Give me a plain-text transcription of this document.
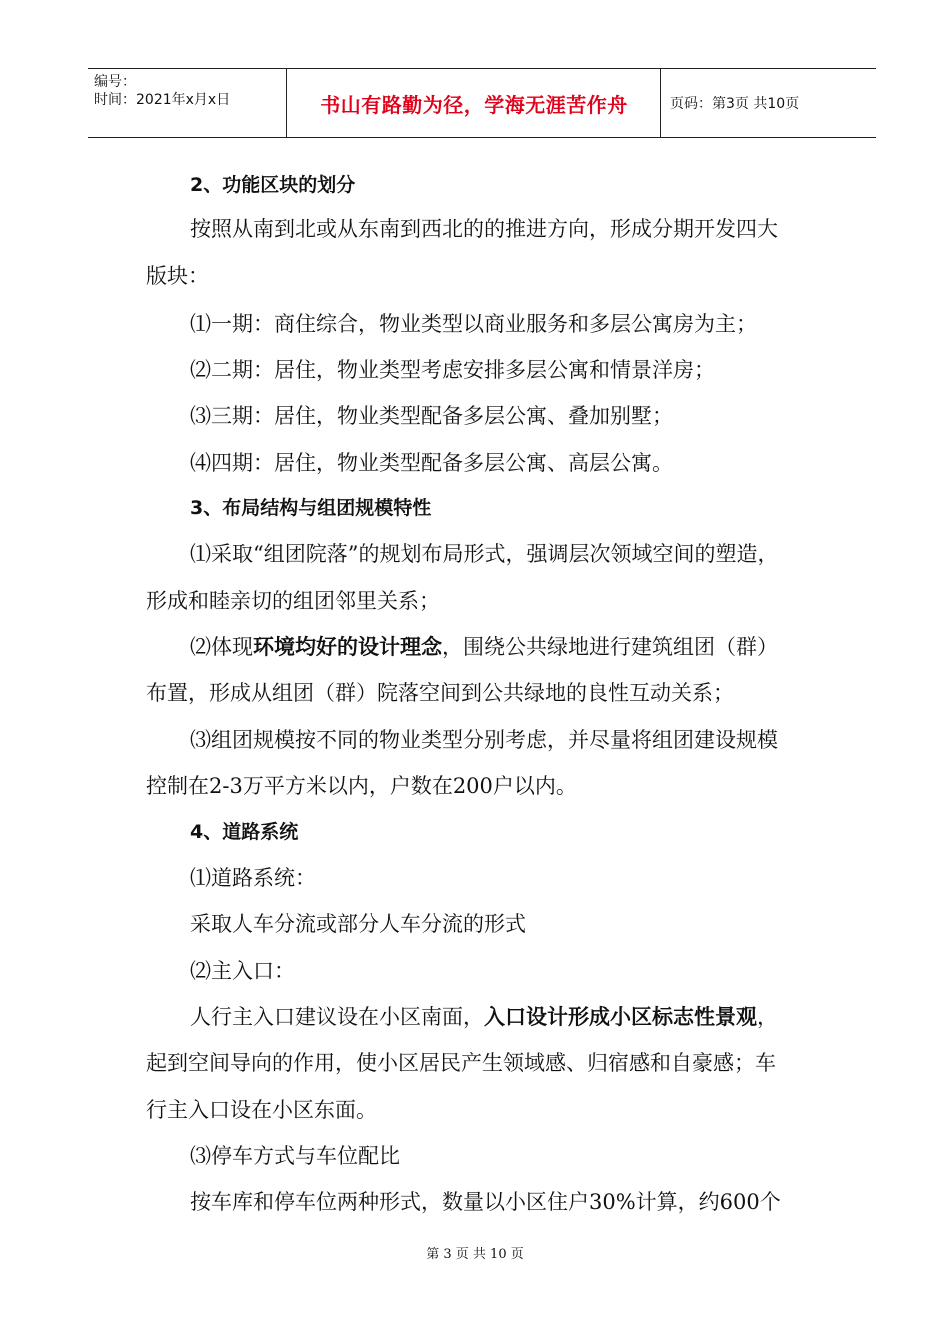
编号：
时间：2021年x月x日	书山有路勤为径，学海无涯苦作舟	页码：第3页 共10页
2、功能区块的划分
按照从南到北或从东南到西北的的推进方向，形成分期开发四大
版块：
⑴一期：商住综合，物业类型以商业服务和多层公寓房为主；
⑵二期：居住，物业类型考虑安排多层公寓和情景洋房；
⑶三期：居住，物业类型配备多层公寓、叠加别墅；
⑷四期：居住，物业类型配备多层公寓、高层公寓。
3、布局结构与组团规模特性
⑴采取“组团院落”的规划布局形式，强调层次领域空间的塑造，
形成和睦亲切的组团邻里关系；
⑵体现环境均好的设计理念，围绕公共绿地进行建筑组团（群）
布置，形成从组团（群）院落空间到公共绿地的良性互动关系；
⑶组团规模按不同的物业类型分别考虑，并尽量将组团建设规模
控制在2-3万平方米以内，户数在200户以内。
4、道路系统
⑴道路系统：
采取人车分流或部分人车分流的形式
⑵主入口：
人行主入口建议设在小区南面，入口设计形成小区标志性景观，
起到空间导向的作用，使小区居民产生领域感、归宿感和自豪感；车
行主入口设在小区东面。
⑶停车方式与车位配比
按车库和停车位两种形式，数量以小区住户30%计算，约600个
第 3 页 共 10 页
